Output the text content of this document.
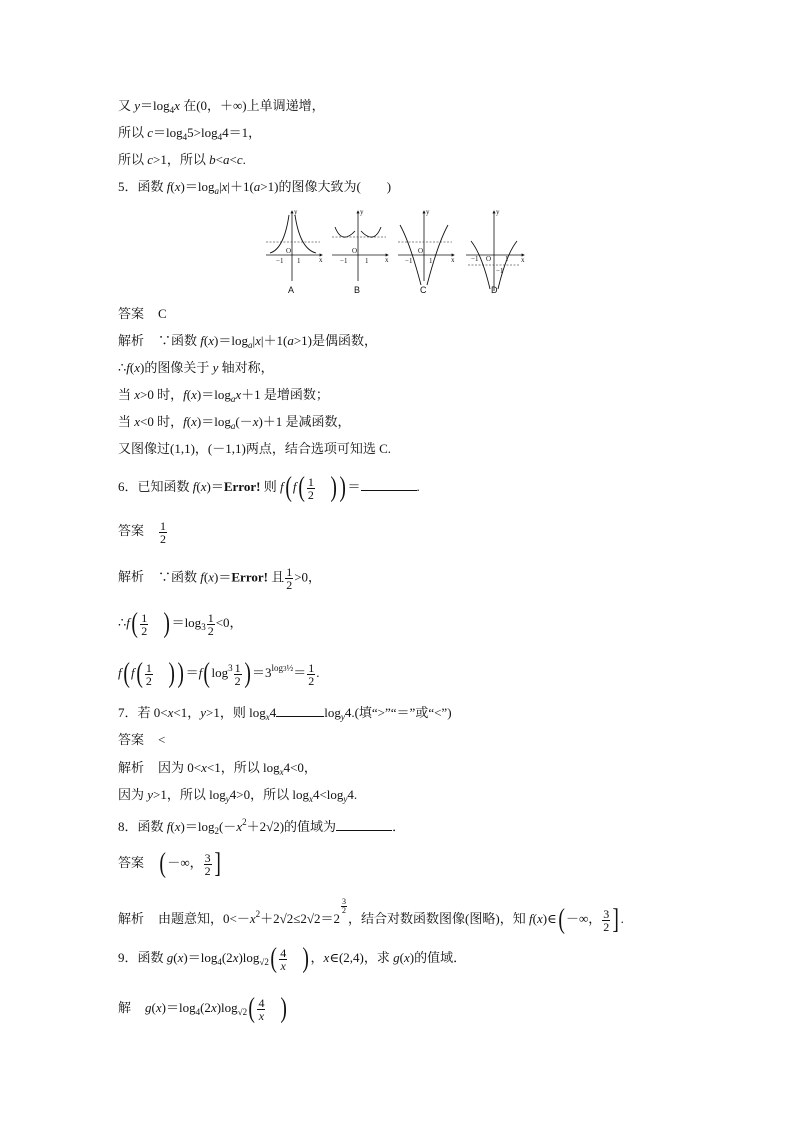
又 $y=\log_4x$ 在(0，＋∞)上单调递增，
所以 $c=\log_45>\log_44=1$，
所以 c>1，所以 b<a<c.
5．函数 $f(x)=\log_a|x|+1(a>1)$的图像大致为(　　)
y
x
O
−1 1
y
x
O
−1	1
y
x
O
−1 1
y
x
O
−1	1
−1
A	B	C	D
答案 C
解析 ∵函数 $f(x)=\log_a|x|+1(a>1)$是偶函数，
∴f(x)的图像关于 y 轴对称，
当 x>0 时，$f(x)=\log_ax+1$ 是增函数；
当 x<0 时，$f(x)=\log_a(-x)+1$ 是减函数，
又图像过(1,1)，(－1,1)两点，结合选项可知选 C.
6．已知函数 f(x)＝Error! 则 $f(f( \frac{1}{2}$ ))＝	.
答案 $\frac{1}{2}$
解析 ∵函数 f(x)＝Error! 且 $\frac{1}{2} >0$，
∴f( $\frac{1}{2} )=\log_3 \frac{1}{2} <0$，
$f(f( \frac{1}{2} ))=f(\log^3 \frac{1}{2} )=3^{log3\frac{1}{2}}= \frac{1}{2}$ .
7．若 0<x<1，y>1，则 $\log_x4$	$\log_y4$.(填“>”“＝”或“<”)
答案 <
解析 因为 0<x<1，所以 $\log_x4<0$，
因为 y>1，所以 $\log_y4>0$，所以 $\log_x4<\log_y4$.
8．函数 $f(x)=\log_2(-x^2+2√2)$的值域为	．
答案 (－∞， $\frac{3}{2}$ ]
解析 由题意知，$0<-x^2+2√2\le 2√2=2$
$^{\frac{3}{2}}$
，结合对数函数图像(图略)，知 f(x)∈(－∞， $\frac{3}{2}$ ].
9．函数 $g(x)=\log_4(2x)\log_{√2}( \frac{4}{x}$ )，x∈(2,4)，求 g(x)的值域．
解 $g(x)=\log_4(2x)\log_{√2}( \frac{4}{x}$ )
